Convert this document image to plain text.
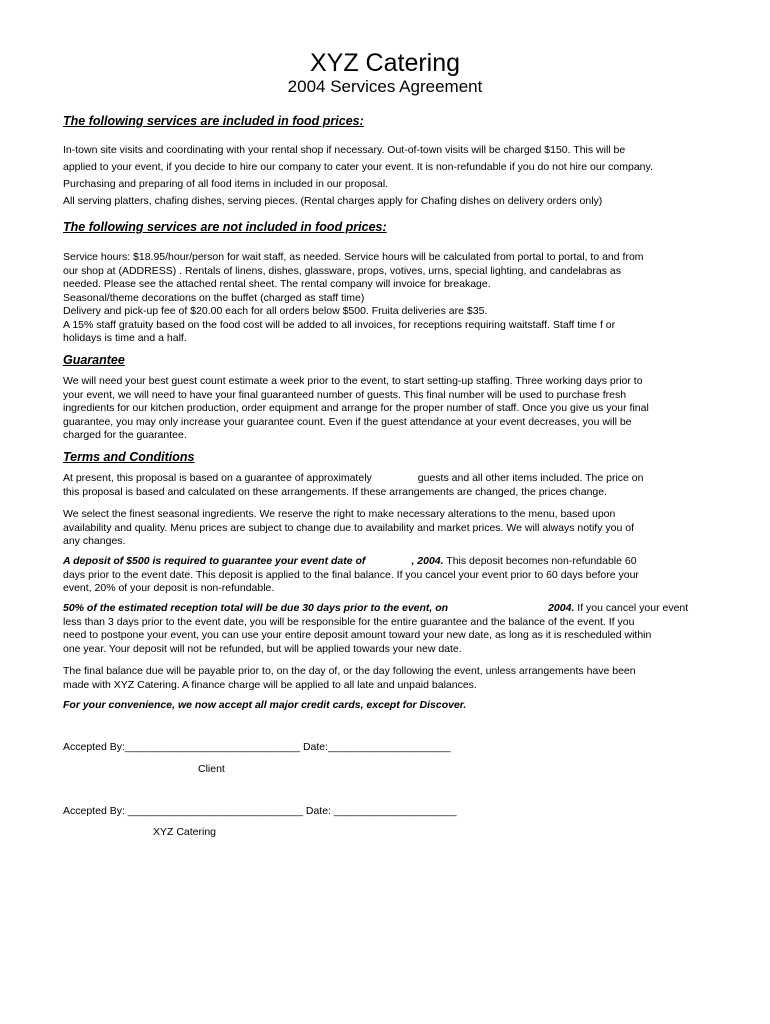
XYZ Catering
2004 Services Agreement
The following services are included in food prices:

In-town site visits and coordinating with your rental shop if necessary. Out-of-town visits will be charged $150. This will be

applied to your event, if you decide to hire our company to cater your event. It is non-refundable if you do not hire our company.

Purchasing and preparing of all food items in included in our proposal.

All serving platters, chafing dishes, serving pieces. (Rental charges apply for Chafing dishes on delivery orders only)

The following services are not included in food prices:

Service hours: $18.95/hour/person for wait staff, as needed. Service hours will be calculated from portal to portal, to and from

our shop at (ADDRESS) . Rentals of linens, dishes, glassware, props, votives, urns, special lighting, and candelabras as

needed. Please see the attached rental sheet. The rental company will invoice for breakage.

Seasonal/theme decorations on the buffet (charged as staff time)

Delivery and pick-up fee of $20.00 each for all orders below $500. Fruita deliveries are $35.

A 15% staff gratuity based on the food cost will be added to all invoices, for receptions requiring waitstaff. Staff time f or

holidays is time and a half.

Guarantee

We will need your best guest count estimate a week prior to the event, to start setting-up staffing. Three working days prior to

your event, we will need to have your final guaranteed number of guests. This final number will be used to purchase fresh

ingredients for our kitchen production, order equipment and arrange for the proper number of staff. Once you give us your final

guarantee, you may only increase your guarantee count. Even if the guest attendance at your event decreases, you will be

charged for the guarantee.

Terms and Conditions

At present, this proposal is based on a guarantee of approximately	guests and all other items included. The price on

this proposal is based and calculated on these arrangements. If these arrangements are changed, the prices change.

We select the finest seasonal ingredients. We reserve the right to make necessary alterations to the menu, based upon

availability and quality. Menu prices are subject to change due to availability and market prices. We will always notify you of

any changes.

A deposit of $500 is required to guarantee your event date of	, 2004. This deposit becomes non-refundable 60

days prior to the event date. This deposit is applied to the final balance. If you cancel your event prior to 60 days before your

event, 20% of your deposit is non-refundable.

50% of the estimated reception total will be due 30 days prior to the event, on	2004. If you cancel your event

less than 3 days prior to the event date, you will be responsible for the entire guarantee and the balance of the event. If you

need to postpone your event, you can use your entire deposit amount toward your new date, as long as it is rescheduled within

one year. Your deposit will not be refunded, but will be applied towards your new date.

The final balance due will be payable prior to, on the day of, or the day following the event, unless arrangements have been

made with XYZ Catering. A finance charge will be applied to all late and unpaid balances.

For your convenience, we now accept all major credit cards, except for Discover.

Accepted By:______________________________ Date:_____________________
Client
Accepted By: ______________________________ Date: _____________________
XYZ Catering
